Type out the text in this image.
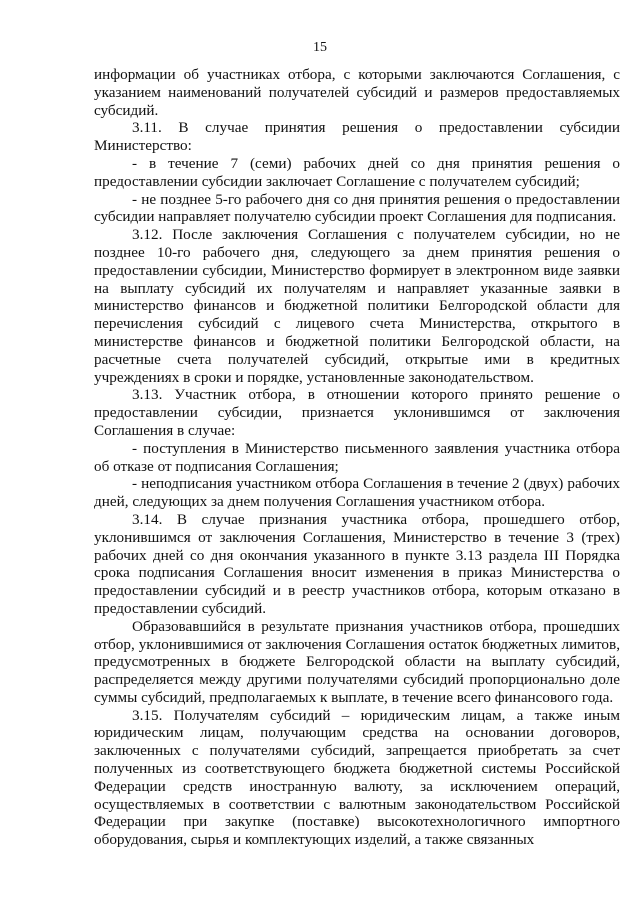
15

информации об участниках отбора, с которыми заключаются Соглашения, с указанием наименований получателей субсидий и размеров предоставляемых субсидий.

3.11. В случае принятия решения о предоставлении субсидии Министерство:

- в течение 7 (семи) рабочих дней со дня принятия решения о предоставлении субсидии заключает Соглашение с получателем субсидий;

- не позднее 5-го рабочего дня со дня принятия решения о предоставлении субсидии направляет получателю субсидии проект Соглашения для подписания.

3.12. После заключения Соглашения с получателем субсидии, но не позднее 10-го рабочего дня, следующего за днем принятия решения о предоставлении субсидии, Министерство формирует в электронном виде заявки на выплату субсидий их получателям и направляет указанные заявки в министерство финансов и бюджетной политики Белгородской области для перечисления субсидий с лицевого счета Министерства, открытого в министерстве финансов и бюджетной политики Белгородской области, на расчетные счета получателей субсидий, открытые ими в кредитных учреждениях в сроки и порядке, установленные законодательством.

3.13. Участник отбора, в отношении которого принято решение о предоставлении субсидии, признается уклонившимся от заключения Соглашения в случае:

- поступления в Министерство письменного заявления участника отбора об отказе от подписания Соглашения;

- неподписания участником отбора Соглашения в течение 2 (двух) рабочих дней, следующих за днем получения Соглашения участником отбора.

3.14. В случае признания участника отбора, прошедшего отбор, уклонившимся от заключения Соглашения, Министерство в течение 3 (трех) рабочих дней со дня окончания указанного в пункте 3.13 раздела III Порядка срока подписания Соглашения вносит изменения в приказ Министерства о предоставлении субсидий и в реестр участников отбора, которым отказано в предоставлении субсидий.

Образовавшийся в результате признания участников отбора, прошедших отбор, уклонившимися от заключения Соглашения остаток бюджетных лимитов, предусмотренных в бюджете Белгородской области на выплату субсидий, распределяется между другими получателями субсидий пропорционально доле суммы субсидий, предполагаемых к выплате, в течение всего финансового года.

3.15. Получателям субсидий – юридическим лицам, а также иным юридическим лицам, получающим средства на основании договоров, заключенных с получателями субсидий, запрещается приобретать за счет полученных из соответствующего бюджета бюджетной системы Российской Федерации средств иностранную валюту, за исключением операций, осуществляемых в соответствии с валютным законодательством Российской Федерации при закупке (поставке) высокотехнологичного импортного оборудования, сырья и комплектующих изделий, а также связанных
